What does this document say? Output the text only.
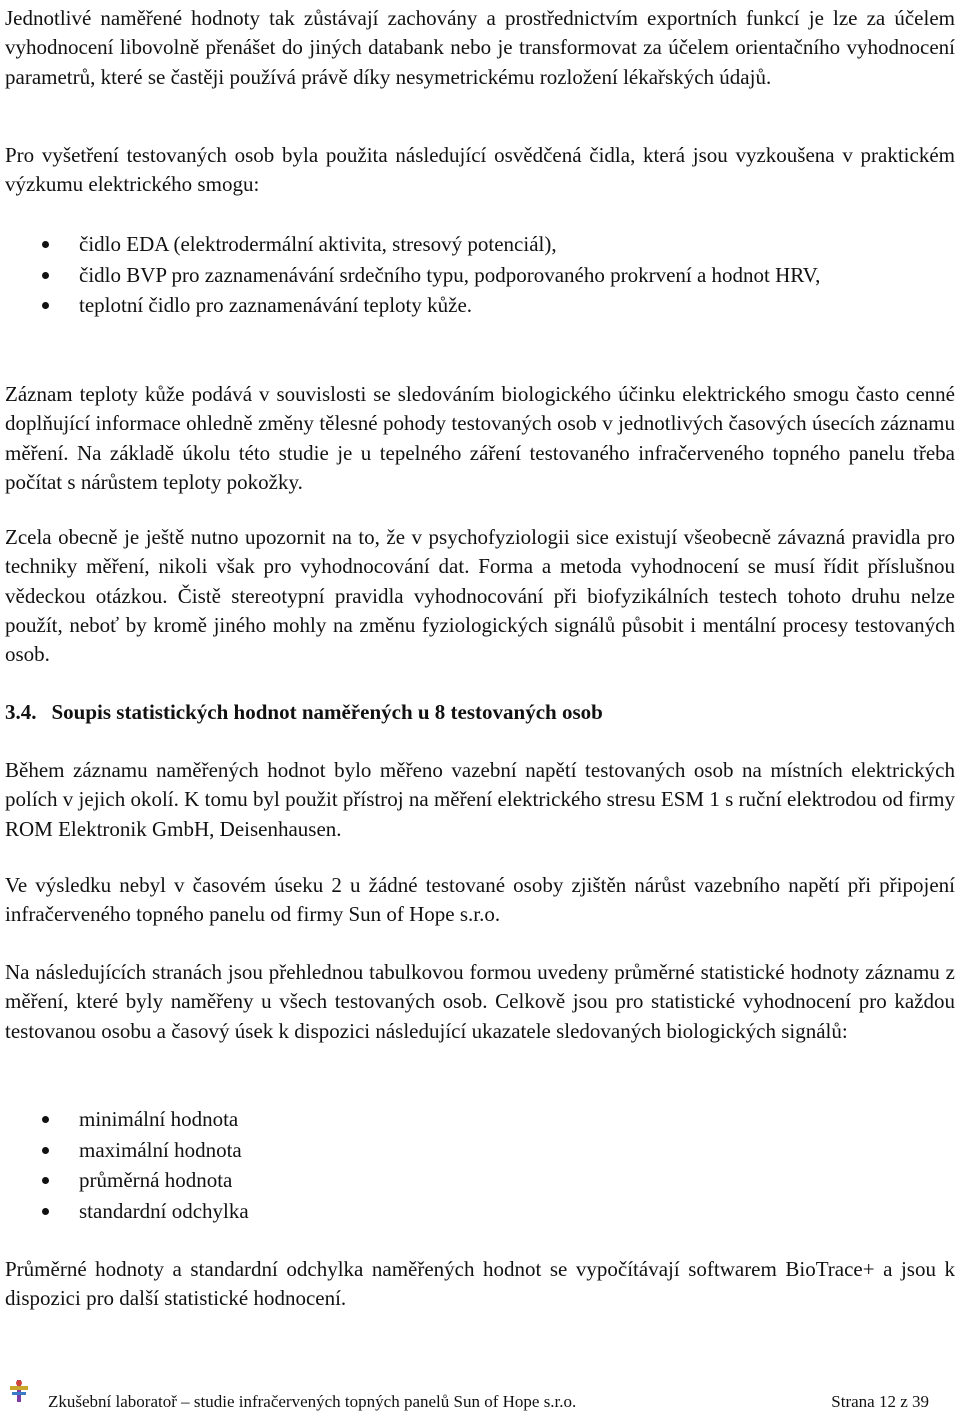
Jednotlivé naměřené hodnoty tak zůstávají zachovány a prostřednictvím exportních funkcí je lze za účelem vyhodnocení libovolně přenášet do jiných databank nebo je transformovat za účelem orientačního vyhodnocení parametrů, které se častěji používá právě díky nesymetrickému rozložení lékařských údajů.

Pro vyšetření testovaných osob byla použita následující osvědčená čidla, která jsou vyzkoušena v praktickém výzkumu elektrického smogu:

čidlo EDA (elektrodermální aktivita, stresový potenciál),
čidlo BVP pro zaznamenávání srdečního typu, podporovaného prokrvení a hodnot HRV,
teplotní čidlo pro zaznamenávání teploty kůže.

Záznam teploty kůže podává v souvislosti se sledováním biologického účinku elektrického smogu často cenné doplňující informace ohledně změny tělesné pohody testovaných osob v jednotlivých časových úsecích záznamu měření. Na základě úkolu této studie je u tepelného záření testovaného infračerveného topného panelu třeba počítat s nárůstem teploty pokožky.

Zcela obecně je ještě nutno upozornit na to, že v psychofyziologii sice existují všeobecně závazná pravidla pro techniky měření, nikoli však pro vyhodnocování dat. Forma a metoda vyhodnocení se musí řídit příslušnou vědeckou otázkou. Čistě stereotypní pravidla vyhodnocování při biofyzikálních testech tohoto druhu nelze použít, neboť by kromě jiného mohly na změnu fyziologických signálů působit i mentální procesy testovaných osob.

3.4. Soupis statistických hodnot naměřených u 8 testovaných osob

Během záznamu naměřených hodnot bylo měřeno vazební napětí testovaných osob na místních elektrických polích v jejich okolí. K tomu byl použit přístroj na měření elektrického stresu ESM 1 s ruční elektrodou od firmy ROM Elektronik GmbH, Deisenhausen.

Ve výsledku nebyl v časovém úseku 2 u žádné testované osoby zjištěn nárůst vazebního napětí při připojení infračerveného topného panelu od firmy Sun of Hope s.r.o.

Na následujících stranách jsou přehlednou tabulkovou formou uvedeny průměrné statistické hodnoty záznamu z měření, které byly naměřeny u všech testovaných osob. Celkově jsou pro statistické vyhodnocení pro každou testovanou osobu a časový úsek k dispozici následující ukazatele sledovaných biologických signálů:

minimální hodnota
maximální hodnota
průměrná hodnota
standardní odchylka

Průměrné hodnoty a standardní odchylka naměřených hodnot se vypočítávají softwarem BioTrace+ a jsou k dispozici pro další statistické hodnocení.

Zkušební laboratoř – studie infračervených topných panelů Sun of Hope s.r.o.	Strana 12 z 39
